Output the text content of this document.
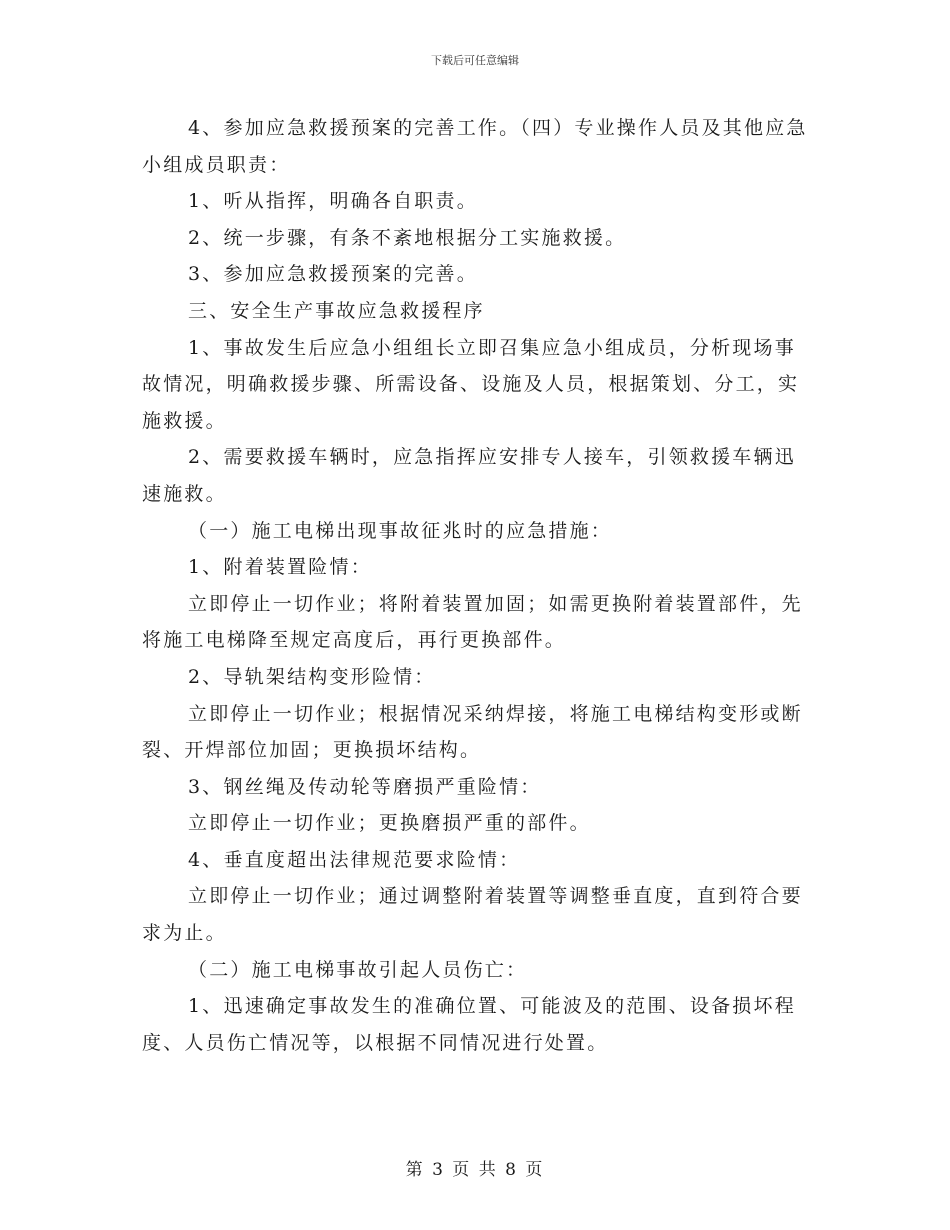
下载后可任意编辑

4、参加应急救援预案的完善工作。（四）专业操作人员及其他应急小组成员职责：

1、听从指挥，明确各自职责。

2、统一步骤，有条不紊地根据分工实施救援。

3、参加应急救援预案的完善。

三、安全生产事故应急救援程序

1、事故发生后应急小组组长立即召集应急小组成员，分析现场事故情况，明确救援步骤、所需设备、设施及人员，根据策划、分工，实施救援。

2、需要救援车辆时，应急指挥应安排专人接车，引领救援车辆迅速施救。

（一）施工电梯出现事故征兆时的应急措施：

1、附着装置险情：

立即停止一切作业；将附着装置加固；如需更换附着装置部件，先将施工电梯降至规定高度后，再行更换部件。

2、导轨架结构变形险情：

立即停止一切作业；根据情况采纳焊接，将施工电梯结构变形或断裂、开焊部位加固；更换损坏结构。

3、钢丝绳及传动轮等磨损严重险情：

立即停止一切作业；更换磨损严重的部件。

4、垂直度超出法律规范要求险情：

立即停止一切作业；通过调整附着装置等调整垂直度，直到符合要求为止。

（二）施工电梯事故引起人员伤亡：

1、迅速确定事故发生的准确位置、可能波及的范围、设备损坏程度、人员伤亡情况等，以根据不同情况进行处置。

第 3 页 共 8 页
